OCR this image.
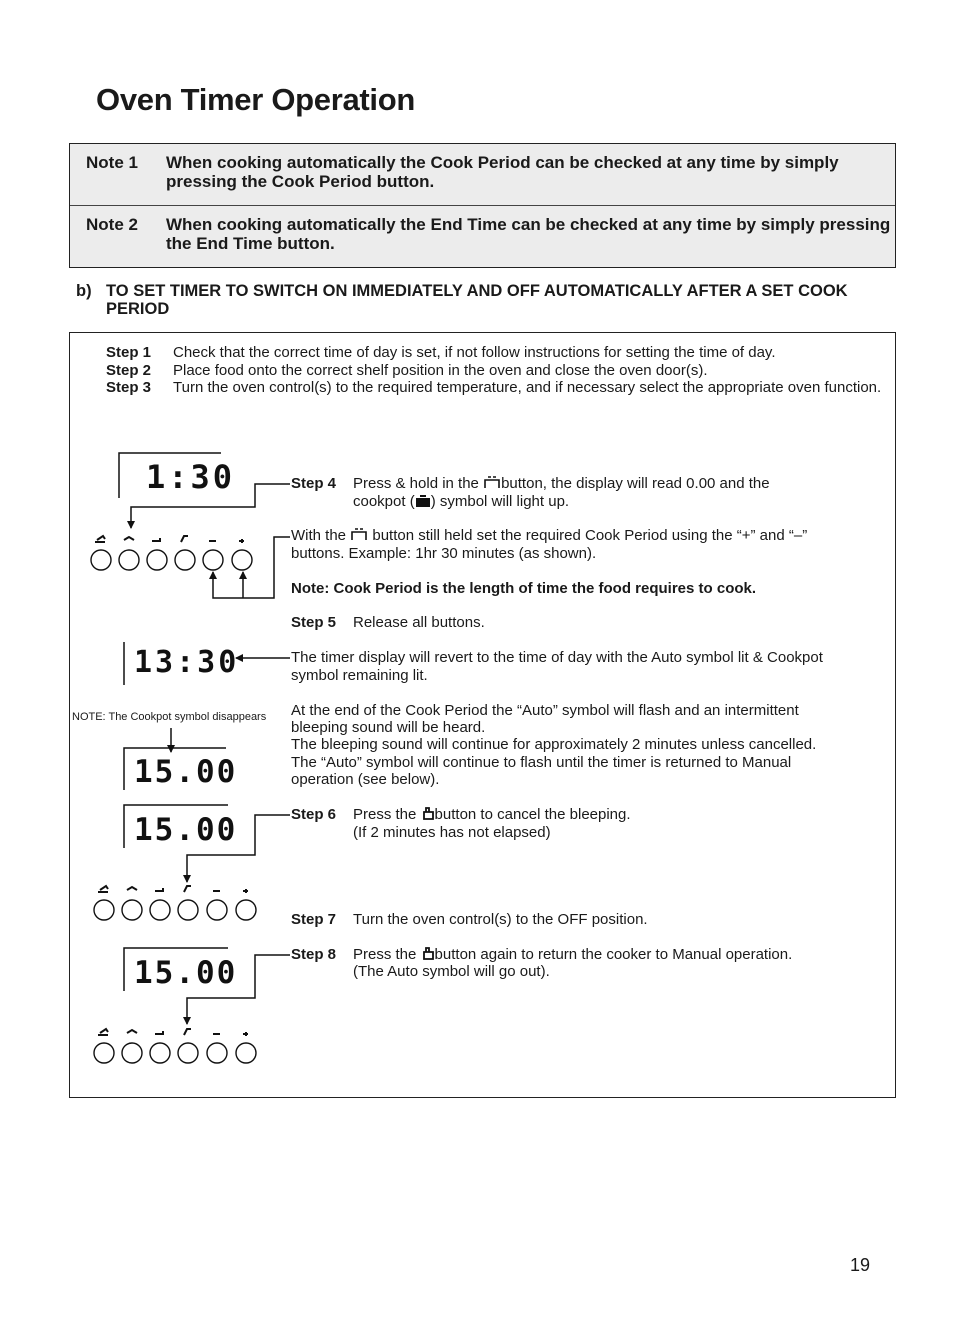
Oven Timer Operation
Note 1 When cooking automatically the Cook Period can be checked at any time by simply pressing the Cook Period button.
Note 2 When cooking automatically the End Time can be checked at any time by simply pressing the End Time button.
b) TO SET TIMER TO SWITCH ON IMMEDIATELY AND OFF AUTOMATICALLY AFTER A SET COOK PERIOD
Step 1 Check that the correct time of day is set, if not follow instructions for setting the time of day.
Step 2 Place food onto the correct shelf position in the oven and close the oven door(s).
Step 3 Turn the oven control(s) to the required temperature, and if necessary select the appropriate oven function.
1:30
13:30
15.00
15.00
15.00
Step 4 Press & hold in the button, the display will read 0.00 and the
cookpot ( ) symbol will light up.
With the button still held set the required Cook Period using the “+” and “–”
buttons. Example: 1hr 30 minutes (as shown).
Note: Cook Period is the length of time the food requires to cook.
Step 5 Release all buttons.
The timer display will revert to the time of day with the Auto symbol lit & Cookpot
symbol remaining lit.
At the end of the Cook Period the “Auto” symbol will flash and an intermittent
bleeping sound will be heard.
The bleeping sound will continue for approximately 2 minutes unless cancelled.
The “Auto” symbol will continue to flash until the timer is returned to Manual
operation (see below).
NOTE: The Cookpot symbol disappears
Step 6 Press the button to cancel the bleeping.
(If 2 minutes has not elapsed)
Step 7 Turn the oven control(s) to the OFF position.
Step 8 Press the button again to return the cooker to Manual operation.
(The Auto symbol will go out).
19
